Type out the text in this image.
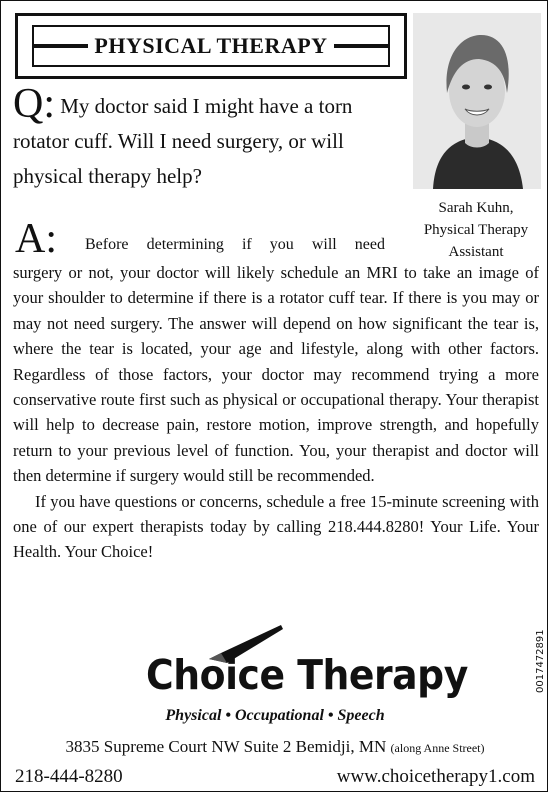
PHYSICAL THERAPY
Sarah Kuhn,
Physical Therapy
Assistant
Q: My doctor said I might have a torn rotator cuff. Will I need surgery, or will physical therapy help?
A: Before determining if you will need

surgery or not, your doctor will likely schedule an MRI to take an image of your shoulder to determine if there is a rotator cuff tear. If there is you may or may not need surgery. The answer will depend on how significant the tear is, where the tear is located, your age and lifestyle, along with other factors. Regardless of those factors, your doctor may recommend trying a more conservative route first such as physical or occupational therapy. Your therapist will help to decrease pain, restore motion, improve strength, and hopefully return to your previous level of function. You, your therapist and doctor will then determine if surgery would still be recommended.

If you have questions or concerns, schedule a free 15-minute screening with one of our expert therapists today by calling 218.444.8280! Your Life. Your Health. Your Choice!

Choice Therapy
Physical • Occupational • Speech
3835 Supreme Court NW Suite 2 Bemidji, MN (along Anne Street)
218-444-8280	www.choicetherapy1.com
0017472891
